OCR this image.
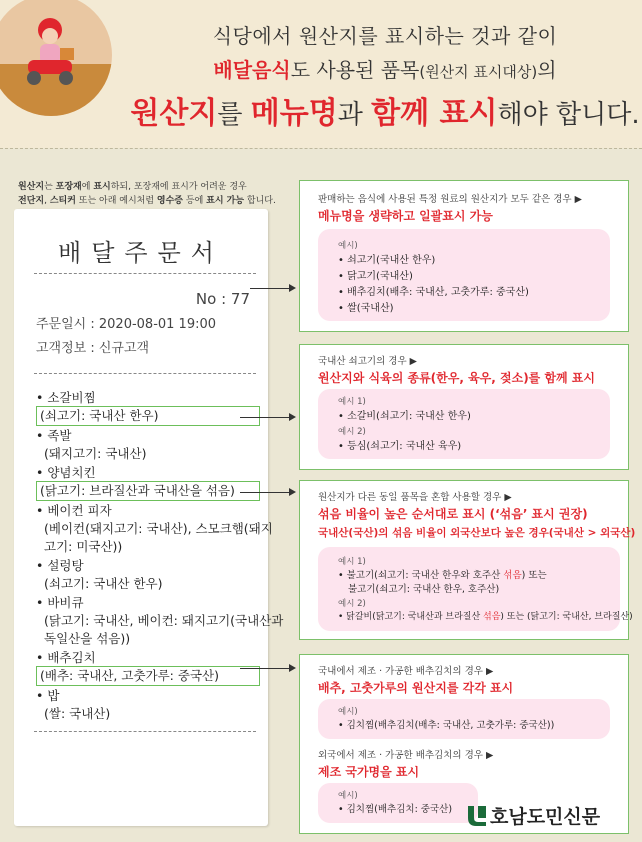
식당에서 원산지를 표시하는 것과 같이
배달음식도 사용된 품목(원산지 표시대상)의
원산지를 메뉴명과 함께 표시해야 합니다.
원산지는 포장재에 표시하되, 포장재에 표시가 어려운 경우
전단지, 스티커 또는 아래 예시처럼 영수증 등에 표시 가능 합니다.
배달주문서
No : 77
주문일시 : 2020-08-01 19:00
고객정보 : 신규고객
• 소갈비찜
(쇠고기: 국내산 한우)
• 족발
(돼지고기: 국내산)
• 양념치킨
(닭고기: 브라질산과 국내산을 섞음)
• 베이컨 피자
(베이컨(돼지고기: 국내산), 스모크햄(돼지
고기: 미국산))
• 설렁탕
(쇠고기: 국내산 한우)
• 바비큐
(닭고기: 국내산, 베이컨: 돼지고기(국내산과
독일산을 섞음))
• 배추김치
(배추: 국내산, 고춧가루: 중국산)
• 밥
(쌀: 국내산)
판매하는 음식에 사용된 특정 원료의 원산지가 모두 같은 경우 ▶
메뉴명을 생략하고 일괄표시 가능
예시)
• 쇠고기(국내산 한우)
• 닭고기(국내산)
• 배추김치(배추: 국내산, 고춧가루: 중국산)
• 쌀(국내산)
국내산 쇠고기의 경우 ▶
원산지와 식육의 종류(한우, 육우, 젖소)를 함께 표시
예시 1)
• 소갈비(쇠고기: 국내산 한우)
예시 2)
• 등심(쇠고기: 국내산 육우)
원산지가 다른 동일 품목을 혼합 사용할 경우 ▶
섞음 비율이 높은 순서대로 표시 (‘섞음’ 표시 권장)
국내산(국산)의 섞음 비율이 외국산보다 높은 경우(국내산 > 외국산)
예시 1)
• 불고기(쇠고기: 국내산 한우와 호주산 섞음) 또는
불고기(쇠고기: 국내산 한우, 호주산)
예시 2)
• 닭갈비(닭고기: 국내산과 브라질산 섞음) 또는 (닭고기: 국내산, 브라질산)
국내에서 제조 · 가공한 배추김치의 경우 ▶
배추, 고춧가루의 원산지를 각각 표시
예시)
• 김치찜(배추김치(배추: 국내산, 고춧가루: 중국산))
외국에서 제조 · 가공한 배추김치의 경우 ▶
제조 국가명을 표시
예시)
• 김치찜(배추김치: 중국산) 호남도민신문
